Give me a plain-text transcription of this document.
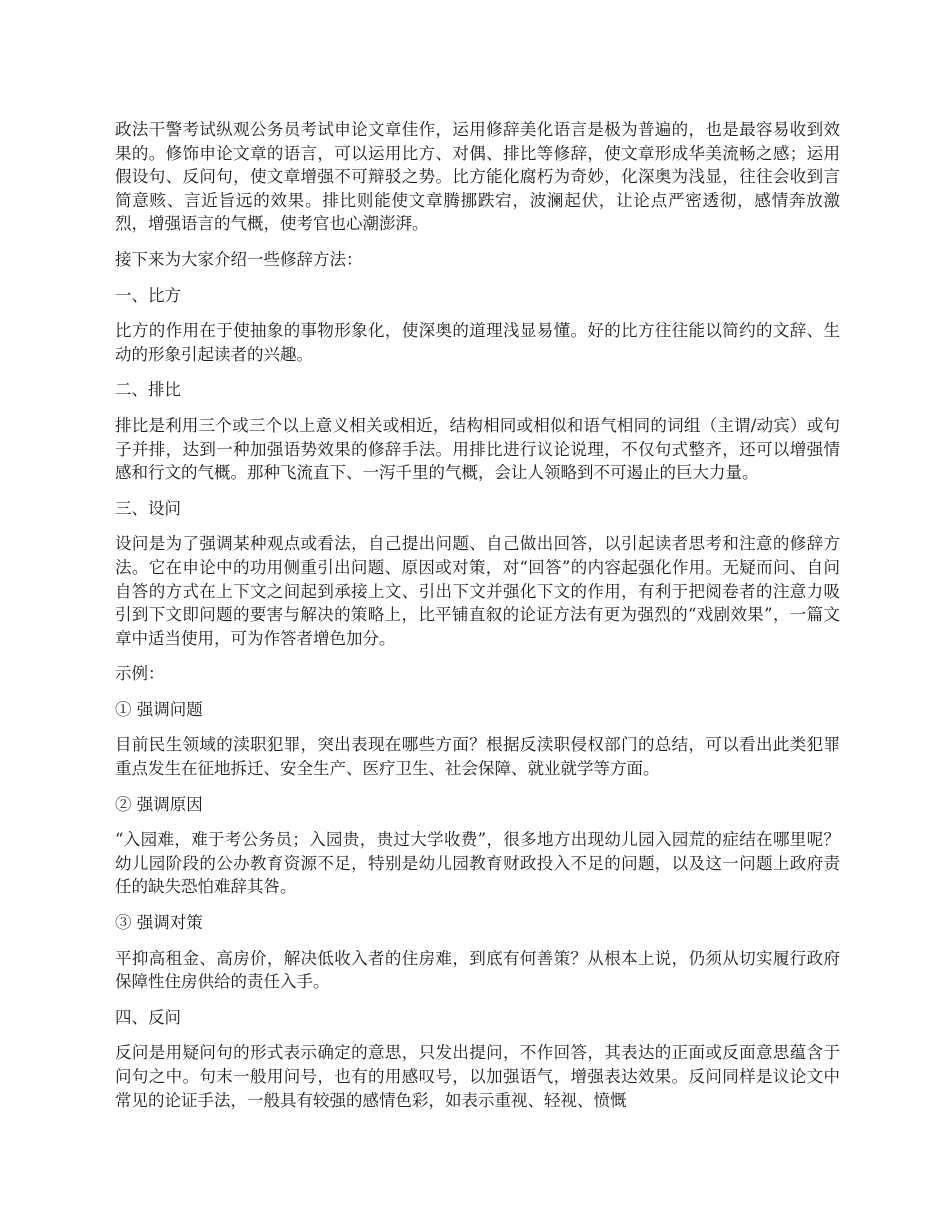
政法干警考试纵观公务员考试申论文章佳作，运用修辞美化语言是极为普遍的，也是最容易收到效果的。修饰申论文章的语言，可以运用比方、对偶、排比等修辞，使文章形成华美流畅之感；运用假设句、反问句，使文章增强不可辩驳之势。比方能化腐朽为奇妙，化深奥为浅显，往往会收到言简意赅、言近旨远的效果。排比则能使文章腾挪跌宕，波澜起伏，让论点严密透彻，感情奔放激烈，增强语言的气概，使考官也心潮澎湃。

接下来为大家介绍一些修辞方法：

一、比方

比方的作用在于使抽象的事物形象化，使深奥的道理浅显易懂。好的比方往往能以简约的文辞、生动的形象引起读者的兴趣。

二、排比

排比是利用三个或三个以上意义相关或相近，结构相同或相似和语气相同的词组（主谓/动宾）或句子并排，达到一种加强语势效果的修辞手法。用排比进行议论说理，不仅句式整齐，还可以增强情感和行文的气概。那种飞流直下、一泻千里的气概，会让人领略到不可遏止的巨大力量。

三、设问

设问是为了强调某种观点或看法，自己提出问题、自己做出回答，以引起读者思考和注意的修辞方法。它在申论中的功用侧重引出问题、原因或对策，对“回答”的内容起强化作用。无疑而问、自问自答的方式在上下文之间起到承接上文、引出下文并强化下文的作用，有利于把阅卷者的注意力吸引到下文即问题的要害与解决的策略上，比平铺直叙的论证方法有更为强烈的“戏剧效果”，一篇文章中适当使用，可为作答者增色加分。

示例：

① 强调问题

目前民生领域的渎职犯罪，突出表现在哪些方面？根据反渎职侵权部门的总结，可以看出此类犯罪重点发生在征地拆迁、安全生产、医疗卫生、社会保障、就业就学等方面。

② 强调原因

“入园难，难于考公务员；入园贵，贵过大学收费”，很多地方出现幼儿园入园荒的症结在哪里呢？幼儿园阶段的公办教育资源不足，特别是幼儿园教育财政投入不足的问题，以及这一问题上政府责任的缺失恐怕难辞其咎。

③ 强调对策

平抑高租金、高房价，解决低收入者的住房难，到底有何善策？从根本上说，仍须从切实履行政府保障性住房供给的责任入手。

四、反问

反问是用疑问句的形式表示确定的意思，只发出提问，不作回答，其表达的正面或反面意思蕴含于问句之中。句末一般用问号，也有的用感叹号，以加强语气，增强表达效果。反问同样是议论文中常见的论证手法，一般具有较强的感情色彩，如表示重视、轻视、愤慨
